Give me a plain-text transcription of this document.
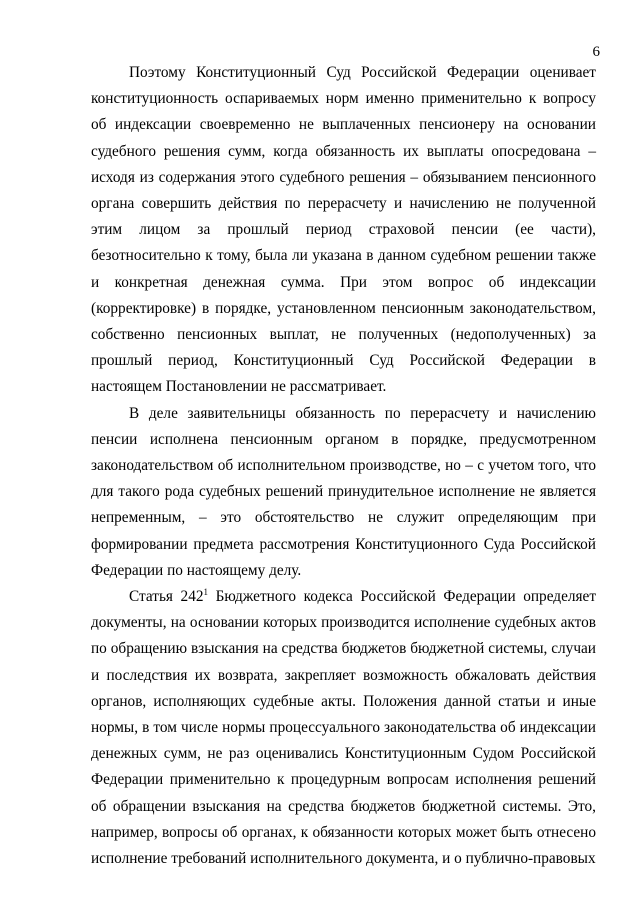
6

Поэтому Конституционный Суд Российской Федерации оценивает конституционность оспариваемых норм именно применительно к вопросу об индексации своевременно не выплаченных пенсионеру на основании судебного решения сумм, когда обязанность их выплаты опосредована – исходя из содержания этого судебного решения – обязыванием пенсионного органа совершить действия по перерасчету и начислению не полученной этим лицом за прошлый период страховой пенсии (ее части), безотносительно к тому, была ли указана в данном судебном решении также и конкретная денежная сумма. При этом вопрос об индексации (корректировке) в порядке, установленном пенсионным законодательством, собственно пенсионных выплат, не полученных (недополученных) за прошлый период, Конституционный Суд Российской Федерации в настоящем Постановлении не рассматривает.

В деле заявительницы обязанность по перерасчету и начислению пенсии исполнена пенсионным органом в порядке, предусмотренном законодательством об исполнительном производстве, но – с учетом того, что для такого рода судебных решений принудительное исполнение не является непременным, – это обстоятельство не служит определяющим при формировании предмета рассмотрения Конституционного Суда Российской Федерации по настоящему делу.

Статья $242^1$ Бюджетного кодекса Российской Федерации определяет документы, на основании которых производится исполнение судебных актов по обращению взыскания на средства бюджетов бюджетной системы, случаи и последствия их возврата, закрепляет возможность обжаловать действия органов, исполняющих судебные акты. Положения данной статьи и иные нормы, в том числе нормы процессуального законодательства об индексации денежных сумм, не раз оценивались Конституционным Судом Российской Федерации применительно к процедурным вопросам исполнения решений об обращении взыскания на средства бюджетов бюджетной системы. Это, например, вопросы об органах, к обязанности которых может быть отнесено исполнение требований исполнительного документа, и о публично-правовых
